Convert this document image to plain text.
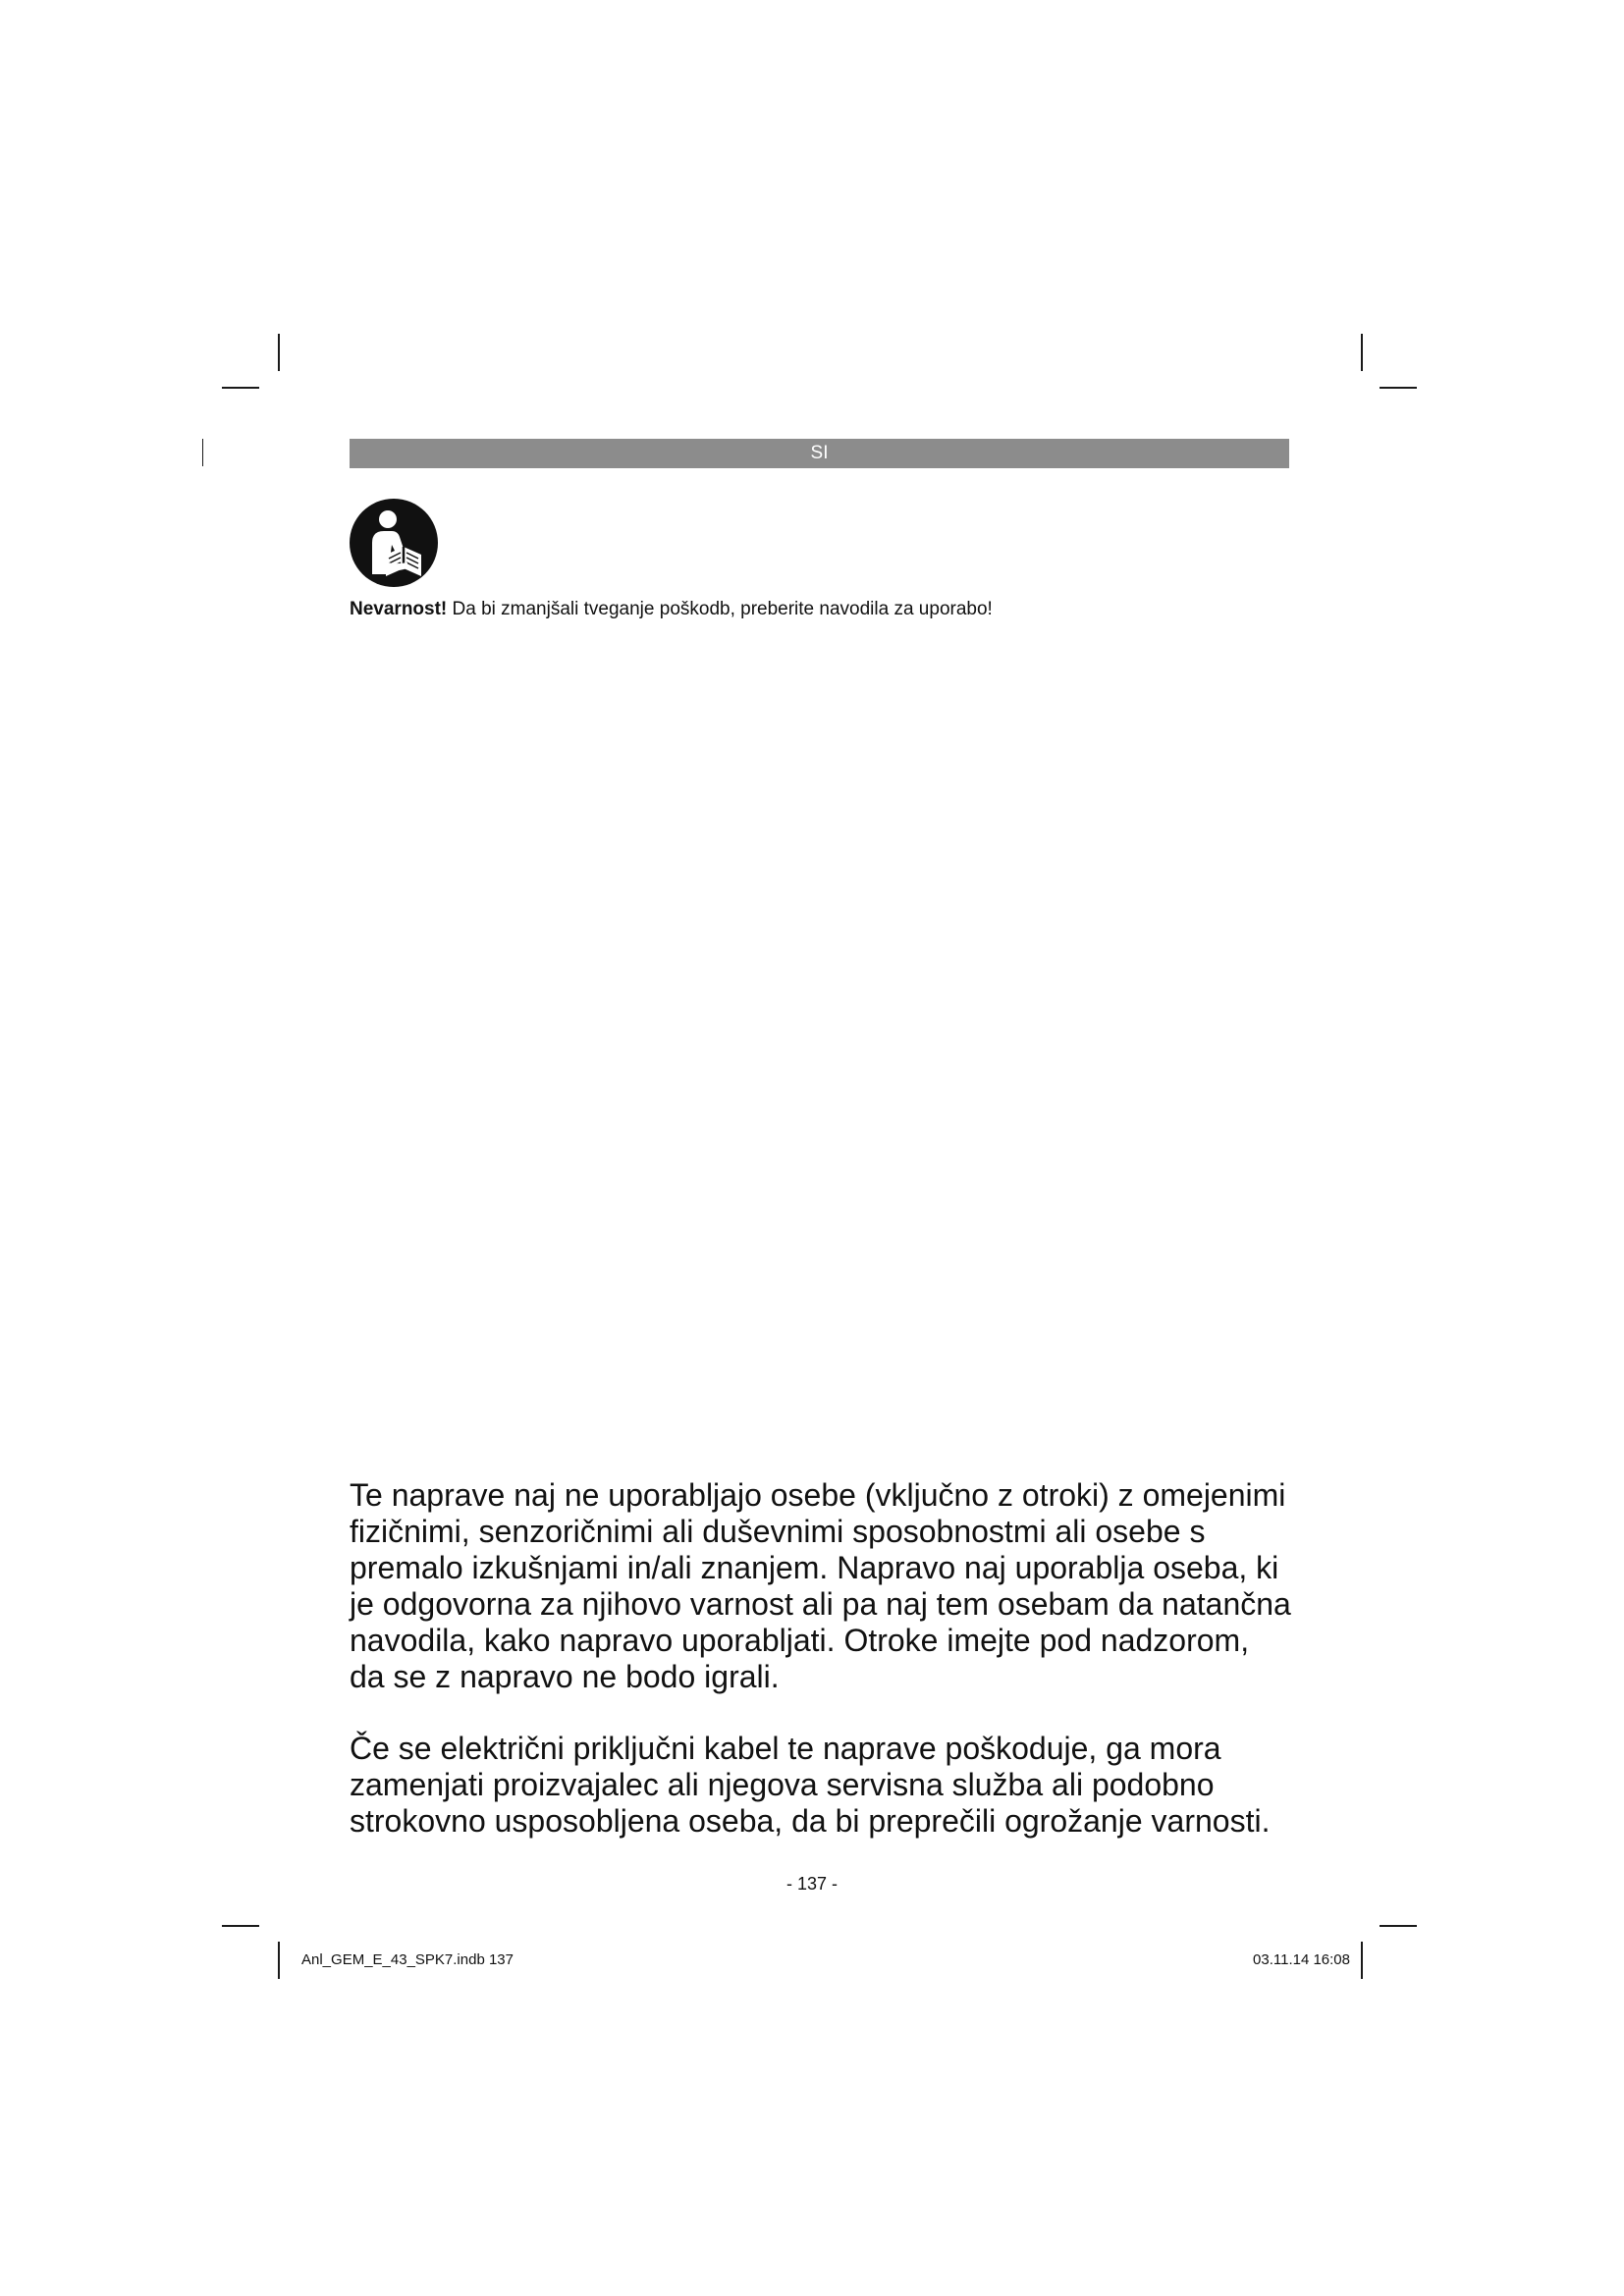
SI
Nevarnost! Da bi zmanjšali tveganje poškodb, preberite navodila za uporabo!

Te naprave naj ne uporabljajo osebe (vključno z otroki) z omejenimi fizičnimi, senzoričnimi ali duševnimi sposobnostmi ali osebe s premalo izkušnjami in/ali znanjem. Napravo naj uporablja oseba, ki je odgovorna za njihovo varnost ali pa naj tem osebam da natančna navodila, kako napravo uporabljati. Otroke imejte pod nadzorom, da se z napravo ne bodo igrali.

Če se električni priključni kabel te naprave poškoduje, ga mora zamenjati proizvajalec ali njegova servisna služba ali podobno strokovno usposobljena oseba, da bi preprečili ogrožanje varnosti.

- 137 -
Anl_GEM_E_43_SPK7.indb 137	03.11.14 16:08
